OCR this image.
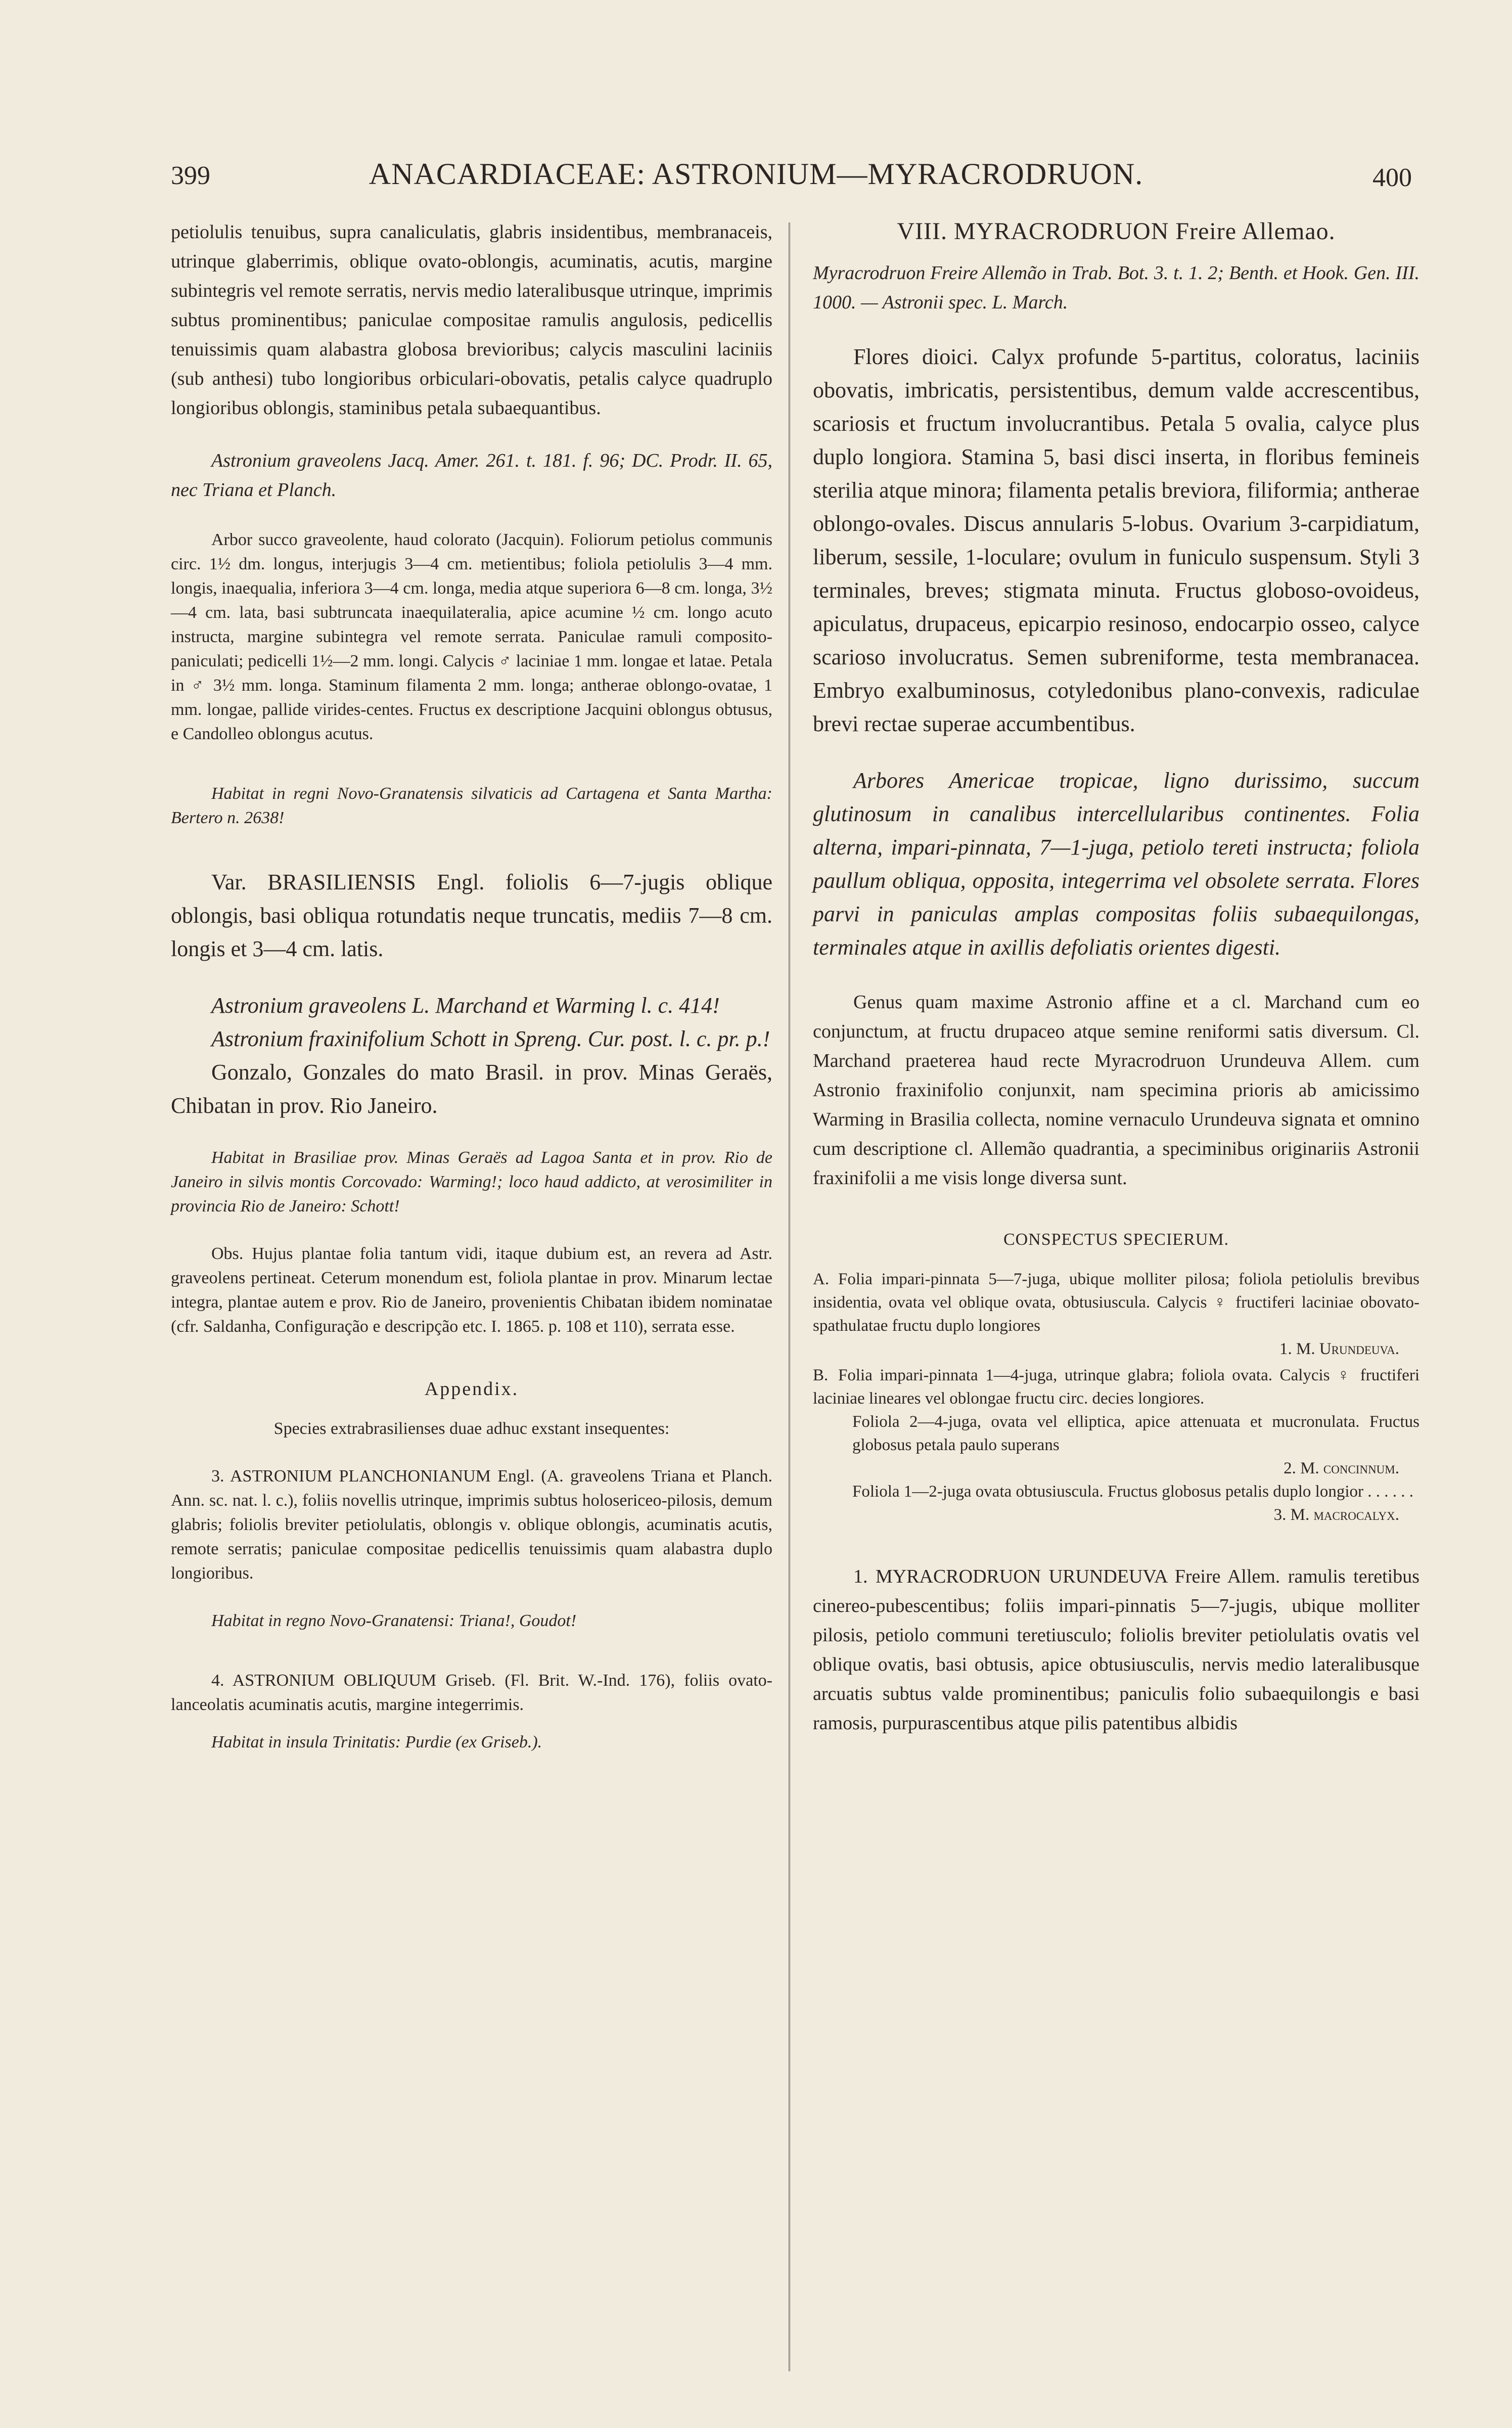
399	ANACARDIACEAE: ASTRONIUM—MYRACRODRUON.	400

petiolulis tenuibus, supra canaliculatis, glabris insidentibus, membranaceis, utrinque glaberrimis, oblique ovato-oblongis, acuminatis, acutis, margine subintegris vel remote serratis, nervis medio lateralibusque utrinque, imprimis subtus prominentibus; paniculae compositae ramulis angulosis, pedicellis tenuissimis quam alabastra globosa brevioribus; calycis masculini laciniis (sub anthesi) tubo longioribus orbiculari-obovatis, petalis calyce quadruplo longioribus oblongis, staminibus petala subaequantibus.

Astronium graveolens Jacq. Amer. 261. t. 181. f. 96; DC. Prodr. II. 65, nec Triana et Planch.

Arbor succo graveolente, haud colorato (Jacquin). Foliorum petiolus communis circ. 1½ dm. longus, interjugis 3—4 cm. metientibus; foliola petiolulis 3—4 mm. longis, inaequalia, inferiora 3—4 cm. longa, media atque superiora 6—8 cm. longa, 3½—4 cm. lata, basi subtruncata inaequilateralia, apice acumine ½ cm. longo acuto instructa, margine subintegra vel remote serrata. Paniculae ramuli composito-paniculati; pedicelli 1½—2 mm. longi. Calycis ♂ laciniae 1 mm. longae et latae. Petala in ♂ 3½ mm. longa. Staminum filamenta 2 mm. longa; antherae oblongo-ovatae, 1 mm. longae, pallide virides-centes. Fructus ex descriptione Jacquini oblongus obtusus, e Candolleo oblongus acutus.

Habitat in regni Novo-Granatensis silvaticis ad Cartagena et Santa Martha: Bertero n. 2638!

Var. BRASILIENSIS Engl. foliolis 6—7-jugis oblique oblongis, basi obliqua rotundatis neque truncatis, mediis 7—8 cm. longis et 3—4 cm. latis.

Astronium graveolens L. Marchand et Warming l. c. 414!

Astronium fraxinifolium Schott in Spreng. Cur. post. l. c. pr. p.!

Gonzalo, Gonzales do mato Brasil. in prov. Minas Geraës, Chibatan in prov. Rio Janeiro.

Habitat in Brasiliae prov. Minas Geraës ad Lagoa Santa et in prov. Rio de Janeiro in silvis montis Corcovado: Warming!; loco haud addicto, at verosimiliter in provincia Rio de Janeiro: Schott!

Obs. Hujus plantae folia tantum vidi, itaque dubium est, an revera ad Astr. graveolens pertineat. Ceterum monendum est, foliola plantae in prov. Minarum lectae integra, plantae autem e prov. Rio de Janeiro, provenientis Chibatan ibidem nominatae (cfr. Saldanha, Configuração e descripção etc. I. 1865. p. 108 et 110), serrata esse.

Appendix.

Species extrabrasilienses duae adhuc exstant insequentes:

3. ASTRONIUM PLANCHONIANUM Engl. (A. graveolens Triana et Planch. Ann. sc. nat. l. c.), foliis novellis utrinque, imprimis subtus holosericeo-pilosis, demum glabris; foliolis breviter petiolulatis, oblongis v. oblique oblongis, acuminatis acutis, remote serratis; paniculae compositae pedicellis tenuissimis quam alabastra duplo longioribus.

Habitat in regno Novo-Granatensi: Triana!, Goudot!

4. ASTRONIUM OBLIQUUM Griseb. (Fl. Brit. W.-Ind. 176), foliis ovato-lanceolatis acuminatis acutis, margine integerrimis.

Habitat in insula Trinitatis: Purdie (ex Griseb.).

VIII. MYRACRODRUON Freire Allemao.

Myracrodruon Freire Allemão in Trab. Bot. 3. t. 1. 2; Benth. et Hook. Gen. III. 1000. — Astronii spec. L. March.

Flores dioici. Calyx profunde 5-partitus, coloratus, laciniis obovatis, imbricatis, persistentibus, demum valde accrescentibus, scariosis et fructum involucrantibus. Petala 5 ovalia, calyce plus duplo longiora. Stamina 5, basi disci inserta, in floribus femineis sterilia atque minora; filamenta petalis breviora, filiformia; antherae oblongo-ovales. Discus annularis 5-lobus. Ovarium 3-carpidiatum, liberum, sessile, 1-loculare; ovulum in funiculo suspensum. Styli 3 terminales, breves; stigmata minuta. Fructus globoso-ovoideus, apiculatus, drupaceus, epicarpio resinoso, endocarpio osseo, calyce scarioso involucratus. Semen subreniforme, testa membranacea. Embryo exalbuminosus, cotyledonibus plano-convexis, radiculae brevi rectae superae accumbentibus.

Arbores Americae tropicae, ligno durissimo, succum glutinosum in canalibus intercellularibus continentes. Folia alterna, impari-pinnata, 7—1-juga, petiolo tereti instructa; foliola paullum obliqua, opposita, integerrima vel obsolete serrata. Flores parvi in paniculas amplas compositas foliis subaequilongas, terminales atque in axillis defoliatis orientes digesti.

Genus quam maxime Astronio affine et a cl. Marchand cum eo conjunctum, at fructu drupaceo atque semine reniformi satis diversum. Cl. Marchand praeterea haud recte Myracrodruon Urundeuva Allem. cum Astronio fraxinifolio conjunxit, nam specimina prioris ab amicissimo Warming in Brasilia collecta, nomine vernaculo Urundeuva signata et omnino cum descriptione cl. Allemão quadrantia, a speciminibus originariis Astronii fraxinifolii a me visis longe diversa sunt.

CONSPECTUS SPECIERUM.

A. Folia impari-pinnata 5—7-juga, ubique molliter pilosa; foliola petiolulis brevibus insidentia, ovata vel oblique ovata, obtusiuscula. Calycis ♀ fructiferi laciniae obovato-spathulatae fructu duplo longiores

1. M. Urundeuva.

B. Folia impari-pinnata 1—4-juga, utrinque glabra; foliola ovata. Calycis ♀ fructiferi laciniae lineares vel oblongae fructu circ. decies longiores.

Foliola 2—4-juga, ovata vel elliptica, apice attenuata et mucronulata. Fructus globosus petala paulo superans

2. M. concinnum.

Foliola 1—2-juga ovata obtusiuscula. Fructus globosus petalis duplo longior . . . . . .

3. M. macrocalyx.

1. MYRACRODRUON URUNDEUVA Freire Allem. ramulis teretibus cinereo-pubescentibus; foliis impari-pinnatis 5—7-jugis, ubique molliter pilosis, petiolo communi teretiusculo; foliolis breviter petiolulatis ovatis vel oblique ovatis, basi obtusis, apice obtusiusculis, nervis medio lateralibusque arcuatis subtus valde prominentibus; paniculis folio subaequilongis e basi ramosis, purpurascentibus atque pilis patentibus albidis
